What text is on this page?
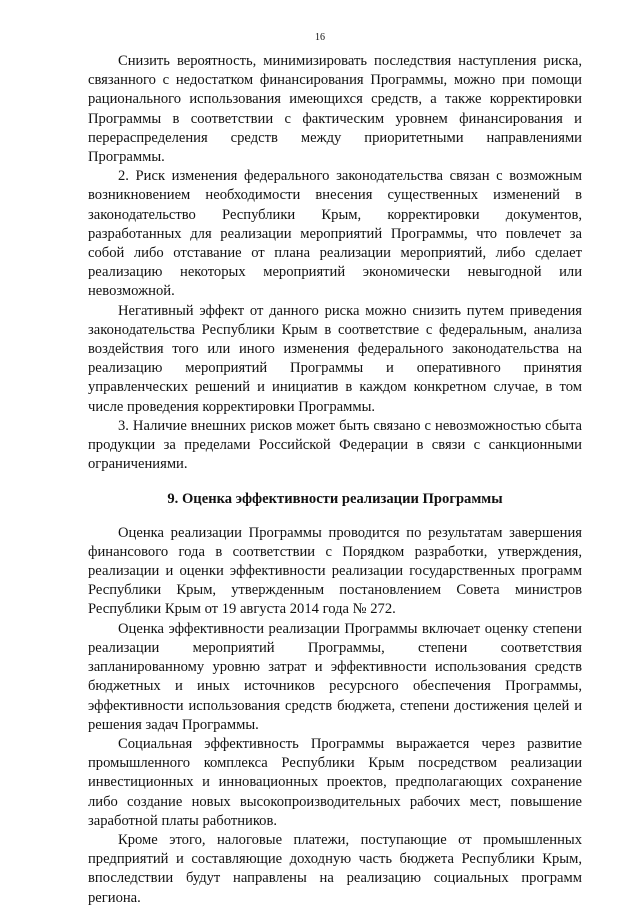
16

Снизить вероятность, минимизировать последствия наступления риска, связанного с недостатком финансирования Программы, можно при помощи рационального использования имеющихся средств, а также корректировки Программы в соответствии с фактическим уровнем финансирования и перераспределения средств между приоритетными направлениями Программы.

2. Риск изменения федерального законодательства связан с возможным возникновением необходимости внесения существенных изменений в законодательство Республики Крым, корректировки документов, разработанных для реализации мероприятий Программы, что повлечет за собой либо отставание от плана реализации мероприятий, либо сделает реализацию некоторых мероприятий экономически невыгодной или невозможной.

Негативный эффект от данного риска можно снизить путем приведения законодательства Республики Крым в соответствие с федеральным, анализа воздействия того или иного изменения федерального законодательства на реализацию мероприятий Программы и оперативного принятия управленческих решений и инициатив в каждом конкретном случае, в том числе проведения корректировки Программы.

3. Наличие внешних рисков может быть связано с невозможностью сбыта продукции за пределами Российской Федерации в связи с санкционными ограничениями.

9. Оценка эффективности реализации Программы

Оценка реализации Программы проводится по результатам завершения финансового года в соответствии с Порядком разработки, утверждения, реализации и оценки эффективности реализации государственных программ Республики Крым, утвержденным постановлением Совета министров Республики Крым от 19 августа 2014 года № 272.

Оценка эффективности реализации Программы включает оценку степени реализации мероприятий Программы, степени соответствия запланированному уровню затрат и эффективности использования средств бюджетных и иных источников ресурсного обеспечения Программы, эффективности использования средств бюджета, степени достижения целей и решения задач Программы.

Социальная эффективность Программы выражается через развитие промышленного комплекса Республики Крым посредством реализации инвестиционных и инновационных проектов, предполагающих сохранение либо создание новых высокопроизводительных рабочих мест, повышение заработной платы работников.

Кроме этого, налоговые платежи, поступающие от промышленных предприятий и составляющие доходную часть бюджета Республики Крым, впоследствии будут направлены на реализацию социальных программ региона.
